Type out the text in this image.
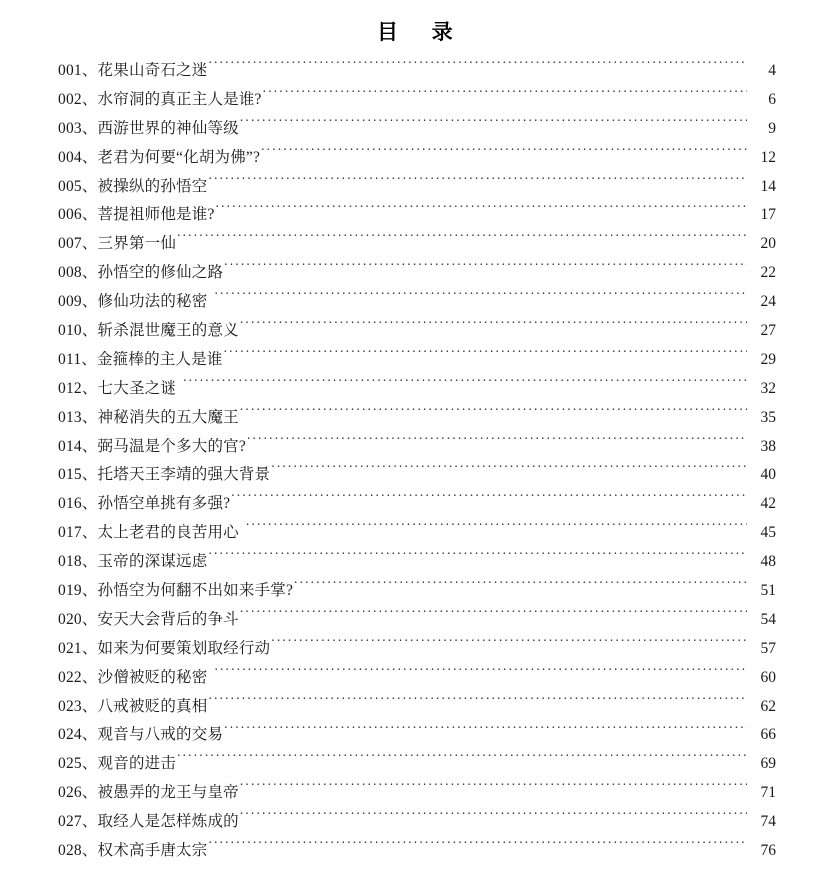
目　录
001、花果山奇石之迷 . . .	4
002、水帘洞的真正主人是谁? . . .	6
003、西游世界的神仙等级 . . .	9
004、老君为何要“化胡为佛”? . . .	12
005、被操纵的孙悟空 . . .	14
006、菩提祖师他是谁? . . .	17
007、三界第一仙 . . .	20
008、孙悟空的修仙之路 . . .	22
009、修仙功法的秘密 . . .	24
010、斩杀混世魔王的意义 . . .	27
011、金箍棒的主人是谁 . . .	29
012、七大圣之谜 . . .	32
013、神秘消失的五大魔王 . . .	35
014、弼马温是个多大的官? . . .	38
015、托塔天王李靖的强大背景 . . .	40
016、孙悟空单挑有多强? . . .	42
017、太上老君的良苦用心 . . .	45
018、玉帝的深谋远虑 . . .	48
019、孙悟空为何翻不出如来手掌? . . .	51
020、安天大会背后的争斗 . . .	54
021、如来为何要策划取经行动 . . .	57
022、沙僧被贬的秘密 . . .	60
023、八戒被贬的真相 . . .	62
024、观音与八戒的交易 . . .	66
025、观音的进击 . . .	69
026、被愚弄的龙王与皇帝 . . .	71
027、取经人是怎样炼成的 . . .	74
028、权术高手唐太宗 . . .	76
